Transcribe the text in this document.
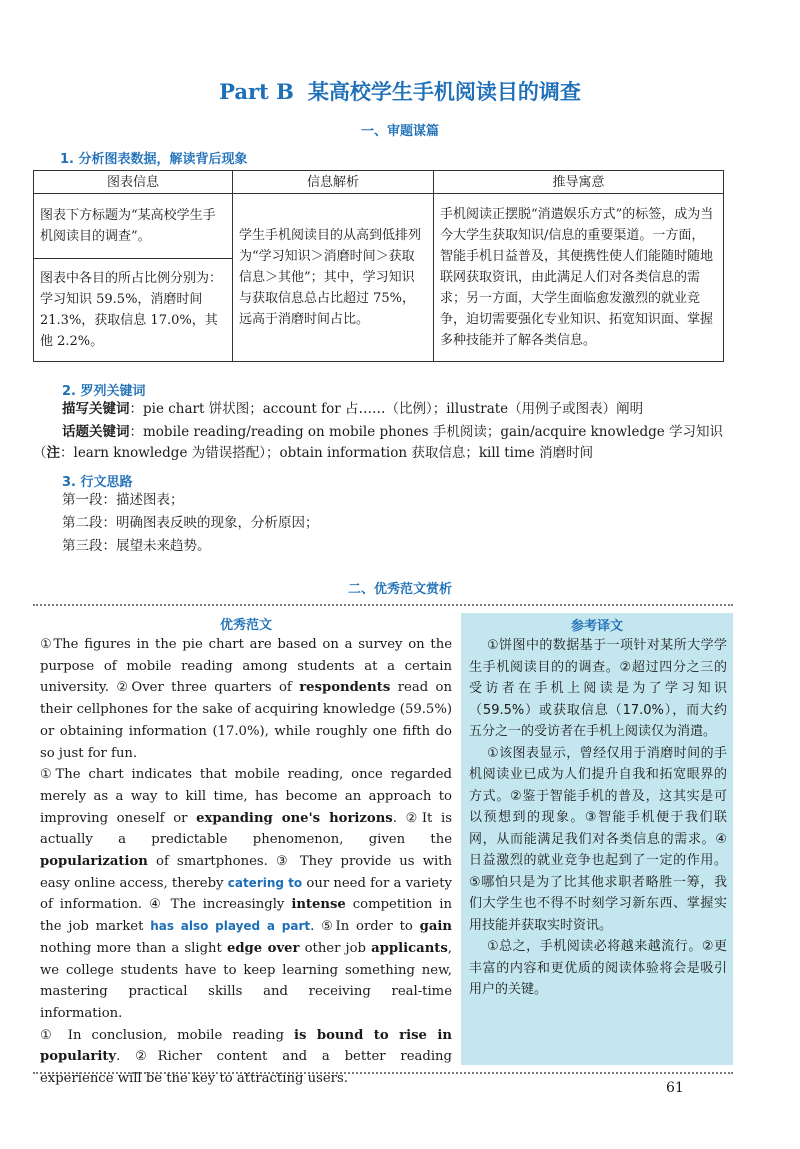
Part B 某高校学生手机阅读目的调查
一、审题谋篇
1. 分析图表数据，解读背后现象
图表信息	信息解析	推导寓意
图表下方标题为“某高校学生手机阅读目的调查”。	学生手机阅读目的从高到低排列为“学习知识＞消磨时间＞获取信息＞其他”；其中，学习知识与获取信息总占比超过 75%，远高于消磨时间占比。	手机阅读正摆脱“消遣娱乐方式”的标签，成为当今大学生获取知识/信息的重要渠道。一方面，智能手机日益普及，其便携性使人们能随时随地联网获取资讯，由此满足人们对各类信息的需求；另一方面，大学生面临愈发激烈的就业竞争，迫切需要强化专业知识、拓宽知识面、掌握多种技能并了解各类信息。
图表中各目的所占比例分别为：学习知识 59.5%，消磨时间 21.3%，获取信息 17.0%，其他 2.2%。		
2. 罗列关键词
描写关键词：pie chart 饼状图；account for 占……（比例）；illustrate（用例子或图表）阐明
话题关键词：mobile reading/reading on mobile phones 手机阅读；gain/acquire knowledge 学习知识
（注：learn knowledge 为错误搭配）；obtain information 获取信息；kill time 消磨时间
3. 行文思路
第一段：描述图表；
第二段：明确图表反映的现象，分析原因；
第三段：展望未来趋势。
二、优秀范文赏析
优秀范文

①The figures in the pie chart are based on a survey on the purpose of mobile reading among students at a certain university. ②Over three quarters of respondents read on their cellphones for the sake of acquiring knowledge (59.5%) or obtaining information (17.0%), while roughly one fifth do so just for fun.

①The chart indicates that mobile reading, once regarded merely as a way to kill time, has become an approach to improving oneself or expanding one's horizons. ②It is actually a predictable phenomenon, given the popularization of smartphones. ③ They provide us with easy online access, thereby catering to our need for a variety of information. ④ The increasingly intense competition in the job market has also played a part. ⑤In order to gain nothing more than a slight edge over other job applicants, we college students have to keep learning something new, mastering practical skills and receiving real-time information.

① In conclusion, mobile reading is bound to rise in popularity. ②Richer content and a better reading experience will be the key to attracting users.

参考译文

①饼图中的数据基于一项针对某所大学学生手机阅读目的的调查。②超过四分之三的受访者在手机上阅读是为了学习知识（59.5%）或获取信息（17.0%），而大约五分之一的受访者在手机上阅读仅为消遣。

①该图表显示，曾经仅用于消磨时间的手机阅读业已成为人们提升自我和拓宽眼界的方式。②鉴于智能手机的普及，这其实是可以预想到的现象。③智能手机便于我们联网，从而能满足我们对各类信息的需求。④日益激烈的就业竞争也起到了一定的作用。⑤哪怕只是为了比其他求职者略胜一筹，我们大学生也不得不时刻学习新东西、掌握实用技能并获取实时资讯。

①总之，手机阅读必将越来越流行。②更丰富的内容和更优质的阅读体验将会是吸引用户的关键。

61
